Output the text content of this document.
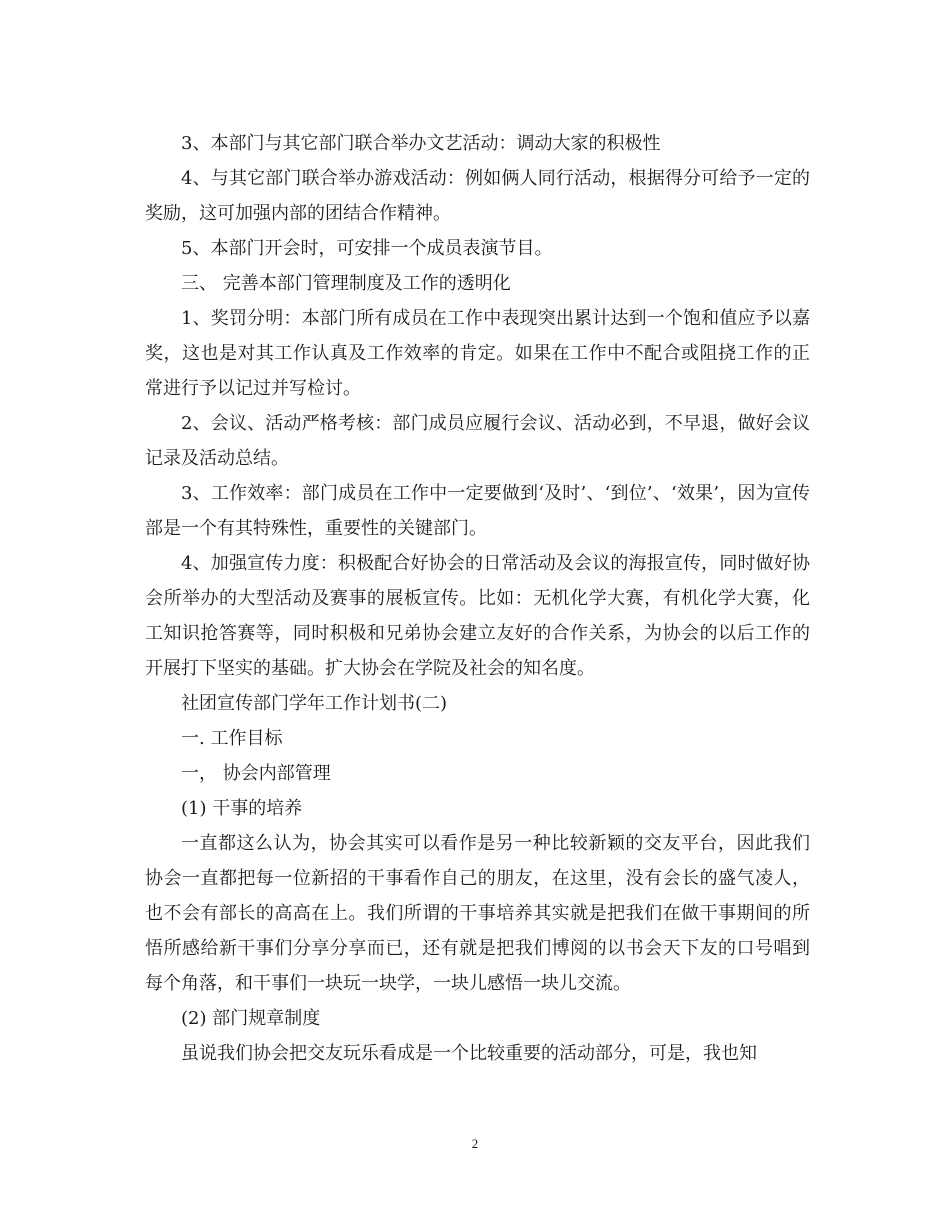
3、本部门与其它部门联合举办文艺活动：调动大家的积极性

4、与其它部门联合举办游戏活动：例如俩人同行活动，根据得分可给予一定的奖励，这可加强内部的团结合作精神。

5、本部门开会时，可安排一个成员表演节目。

三、 完善本部门管理制度及工作的透明化

1、奖罚分明：本部门所有成员在工作中表现突出累计达到一个饱和值应予以嘉奖，这也是对其工作认真及工作效率的肯定。如果在工作中不配合或阻挠工作的正常进行予以记过并写检讨。

2、会议、活动严格考核：部门成员应履行会议、活动必到，不早退，做好会议记录及活动总结。

3、工作效率：部门成员在工作中一定要做到‘及时’、‘到位’、‘效果’，因为宣传部是一个有其特殊性，重要性的关键部门。

4、加强宣传力度：积极配合好协会的日常活动及会议的海报宣传，同时做好协会所举办的大型活动及赛事的展板宣传。比如：无机化学大赛，有机化学大赛，化工知识抢答赛等，同时积极和兄弟协会建立友好的合作关系，为协会的以后工作的开展打下坚实的基础。扩大协会在学院及社会的知名度。

社团宣传部门学年工作计划书(二)

一. 工作目标

一， 协会内部管理

(1) 干事的培养

一直都这么认为，协会其实可以看作是另一种比较新颖的交友平台，因此我们协会一直都把每一位新招的干事看作自己的朋友，在这里，没有会长的盛气凌人，也不会有部长的高高在上。我们所谓的干事培养其实就是把我们在做干事期间的所悟所感给新干事们分享分享而已，还有就是把我们博阅的以书会天下友的口号唱到每个角落，和干事们一块玩一块学，一块儿感悟一块儿交流。

(2) 部门规章制度

虽说我们协会把交友玩乐看成是一个比较重要的活动部分，可是，我也知

2
